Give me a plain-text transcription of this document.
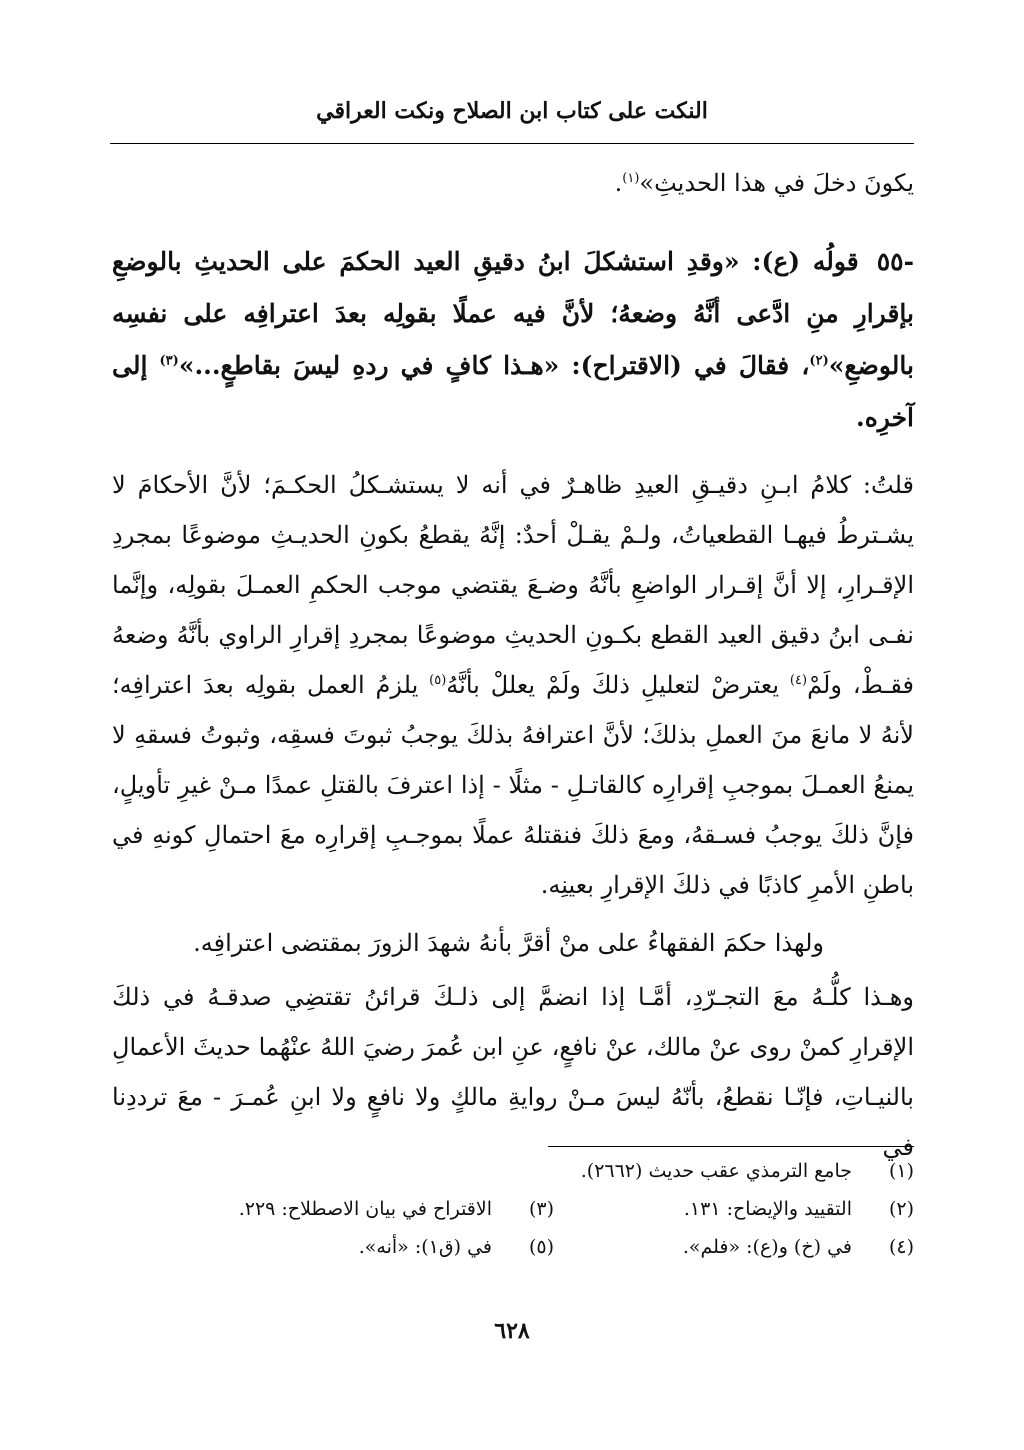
النكت على كتاب ابن الصلاح ونكت العراقي
يكونَ دخلَ في هذا الحديثِ»$^{(١)}$.
-٥٥قولُه (ع): «وقدِ استشكلَ ابنُ دقيقِ العيد الحكمَ على الحديثِ بالوضعِ بإقرارِ منِ ادَّعى أنَّهُ وضعهُ؛ لأنَّ فيه عملًا بقولِه بعدَ اعترافِه على نفسِه بالوضعِ»$^{(٢)}$، فقالَ في (الاقتراح): «هـذا كافٍ في ردهِ ليسَ بقاطعٍ...»$^{(٣)}$ إلى آخرِه.
قلتُ: كلامُ ابـنِ دقيـقِ العيدِ ظاهـرٌ في أنه لا يستشـكلُ الحكـمَ؛ لأنَّ الأحكامَ لا يشـترطُ فيهـا القطعياتُ، ولـمْ يقـلْ أحدٌ: إنَّهُ يقطعُ بكونِ الحديـثِ موضوعًا بمجردِ الإقـرارِ، إلا أنَّ إقـرار الواضعِ بأنَّهُ وضـعَ يقتضي موجب الحكمِ العمـلَ بقولِه، وإنَّما نفـى ابنُ دقيق العيد القطع بكـونِ الحديثِ موضوعًا بمجردِ إقرارِ الراوي بأنَّهُ وضعهُ فقـطْ، ولَمْ$^{(٤)}$ يعترضْ لتعليلِ ذلكَ ولَمْ يعللْ بأنَّهُ$^{(٥)}$ يلزمُ العمل بقولِه بعدَ اعترافِه؛ لأنهُ لا مانعَ منَ العملِ بذلكَ؛ لأنَّ اعترافهُ بذلكَ يوجبُ ثبوتَ فسقِه، وثبوتُ فسقهِ لا يمنعُ العمـلَ بموجبِ إقرارِه كالقاتـلِ - مثلًا - إذا اعترفَ بالقتلِ عمدًا مـنْ غيرِ تأويلٍ، فإنَّ ذلكَ يوجبُ فسـقهُ، ومعَ ذلكَ فنقتلهُ عملًا بموجـبِ إقرارِه معَ احتمالِ كونهِ في باطنِ الأمرِ كاذبًا في ذلكَ الإقرارِ بعينِه.
ولهذا حكمَ الفقهاءُ على منْ أقرَّ بأنهُ شهدَ الزورَ بمقتضى اعترافِه.
وهـذا كلُّـهُ معَ التجـرّدِ، أمَّـا إذا انضمَّ إلى ذلـكَ قرائنُ تقتضِي صدقـهُ في ذلكَ الإقرارِ كمنْ روى عنْ مالك، عنْ نافعٍ، عنِ ابن عُمرَ رضيَ اللهُ عنْهُما حديثَ الأعمالِ بالنيـاتِ، فإنّـا نقطعُ، بأنّهُ ليسَ مـنْ روايةِ مالكٍ ولا نافعٍ ولا ابنِ عُمـرَ - معَ ترددِنا في
(١)
جامع الترمذي عقب حديث (٢٦٦٢).
(٢)
التقييد والإيضاح: ١٣١.
(٣)
الاقتراح في بيان الاصطلاح: ٢٢٩.
(٤)
في (خ) و(ع): «فلم».
(٥)
في (ق١): «أنه».
٦٢٨
